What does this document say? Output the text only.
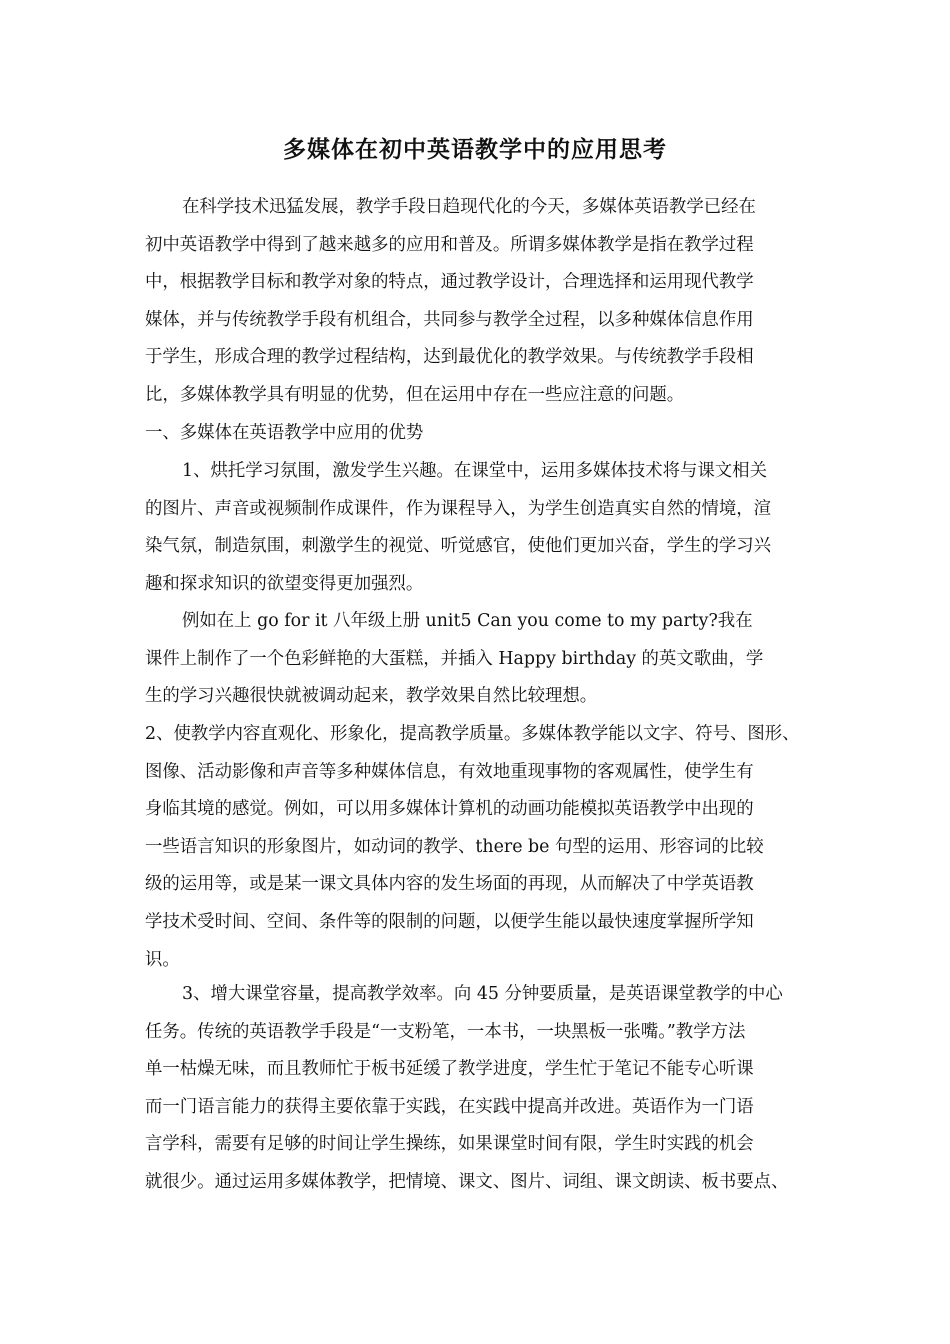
多媒体在初中英语教学中的应用思考
在科学技术迅猛发展，教学手段日趋现代化的今天，多媒体英语教学已经在
初中英语教学中得到了越来越多的应用和普及。所谓多媒体教学是指在教学过程
中，根据教学目标和教学对象的特点，通过教学设计，合理选择和运用现代教学
媒体，并与传统教学手段有机组合，共同参与教学全过程，以多种媒体信息作用
于学生，形成合理的教学过程结构，达到最优化的教学效果。与传统教学手段相
比，多媒体教学具有明显的优势，但在运用中存在一些应注意的问题。
一、多媒体在英语教学中应用的优势
1、烘托学习氛围，激发学生兴趣。在课堂中，运用多媒体技术将与课文相关
的图片、声音或视频制作成课件，作为课程导入，为学生创造真实自然的情境，渲
染气氛，制造氛围，刺激学生的视觉、听觉感官，使他们更加兴奋，学生的学习兴
趣和探求知识的欲望变得更加强烈。
例如在上 go for it 八年级上册 unit5 Can you come to my party?我在
课件上制作了一个色彩鲜艳的大蛋糕，并插入 Happy birthday 的英文歌曲，学
生的学习兴趣很快就被调动起来，教学效果自然比较理想。
2、使教学内容直观化、形象化，提高教学质量。多媒体教学能以文字、符号、图形、
图像、活动影像和声音等多种媒体信息，有效地重现事物的客观属性，使学生有
身临其境的感觉。例如，可以用多媒体计算机的动画功能模拟英语教学中出现的
一些语言知识的形象图片，如动词的教学、there be 句型的运用、形容词的比较
级的运用等，或是某一课文具体内容的发生场面的再现，从而解决了中学英语教
学技术受时间、空间、条件等的限制的问题，以便学生能以最快速度掌握所学知
识。
3、增大课堂容量，提高教学效率。向 45 分钟要质量，是英语课堂教学的中心
任务。传统的英语教学手段是“一支粉笔，一本书，一块黑板一张嘴。”教学方法
单一枯燥无味，而且教师忙于板书延缓了教学进度，学生忙于笔记不能专心听课
而一门语言能力的获得主要依靠于实践，在实践中提高并改进。英语作为一门语
言学科，需要有足够的时间让学生操练，如果课堂时间有限，学生时实践的机会
就很少。通过运用多媒体教学，把情境、课文、图片、词组、课文朗读、板书要点、
